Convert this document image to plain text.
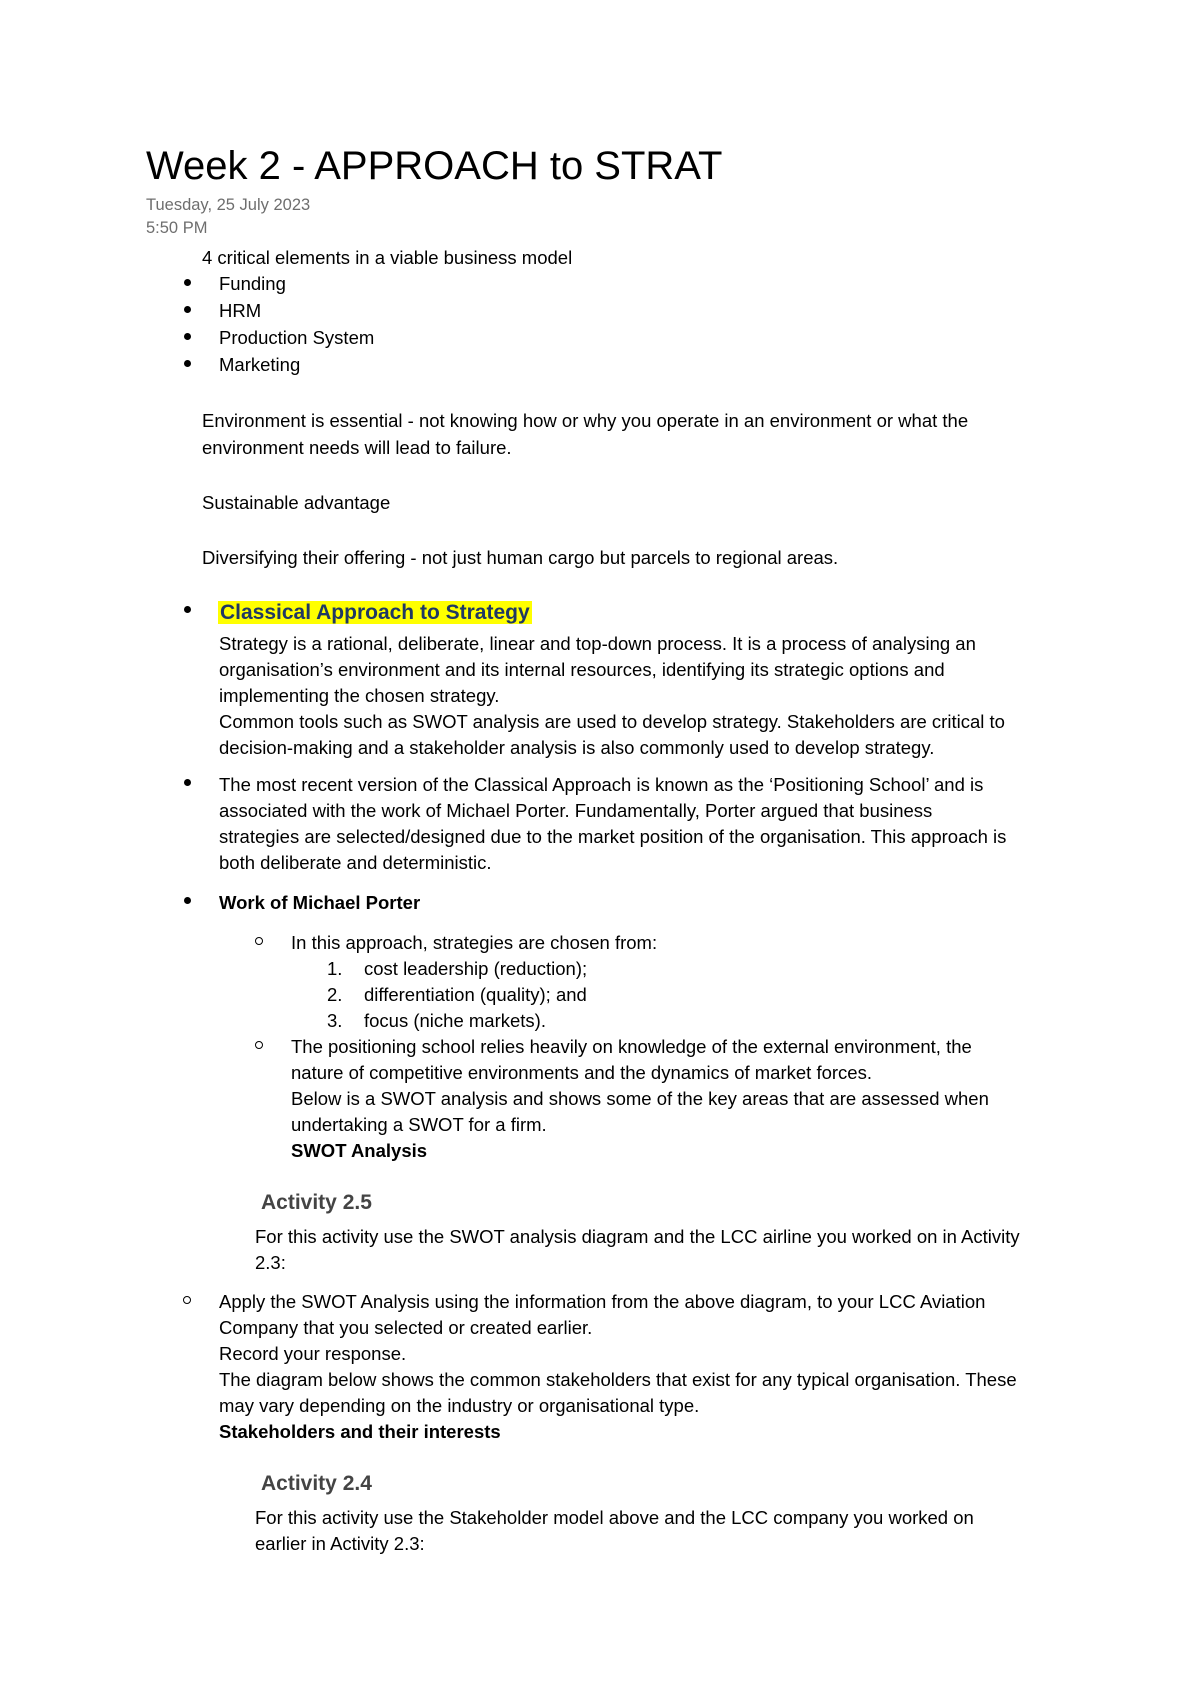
Week 2 - APPROACH to STRAT
Tuesday, 25 July 2023
5:50 PM
4 critical elements in a viable business model
Funding
HRM
Production System
Marketing
Environment is essential - not knowing how or why you operate in an environment or what the
environment needs will lead to failure.
Sustainable advantage
Diversifying their offering - not just human cargo but parcels to regional areas.
Classical Approach to Strategy
Strategy is a rational, deliberate, linear and top-down process. It is a process of analysing an
organisation’s environment and its internal resources, identifying its strategic options and
implementing the chosen strategy.
Common tools such as SWOT analysis are used to develop strategy. Stakeholders are critical to
decision-making and a stakeholder analysis is also commonly used to develop strategy.
The most recent version of the Classical Approach is known as the ‘Positioning School’ and is
associated with the work of Michael Porter. Fundamentally, Porter argued that business
strategies are selected/designed due to the market position of the organisation. This approach is
both deliberate and deterministic.
Work of Michael Porter
In this approach, strategies are chosen from:
1. cost leadership (reduction);
2. differentiation (quality); and
3. focus (niche markets).
The positioning school relies heavily on knowledge of the external environment, the
nature of competitive environments and the dynamics of market forces.
Below is a SWOT analysis and shows some of the key areas that are assessed when
undertaking a SWOT for a firm.
SWOT Analysis
Activity 2.5
For this activity use the SWOT analysis diagram and the LCC airline you worked on in Activity
2.3:
Apply the SWOT Analysis using the information from the above diagram, to your LCC Aviation
Company that you selected or created earlier.
Record your response.
The diagram below shows the common stakeholders that exist for any typical organisation. These
may vary depending on the industry or organisational type.
Stakeholders and their interests
Activity 2.4
For this activity use the Stakeholder model above and the LCC company you worked on
earlier in Activity 2.3:
